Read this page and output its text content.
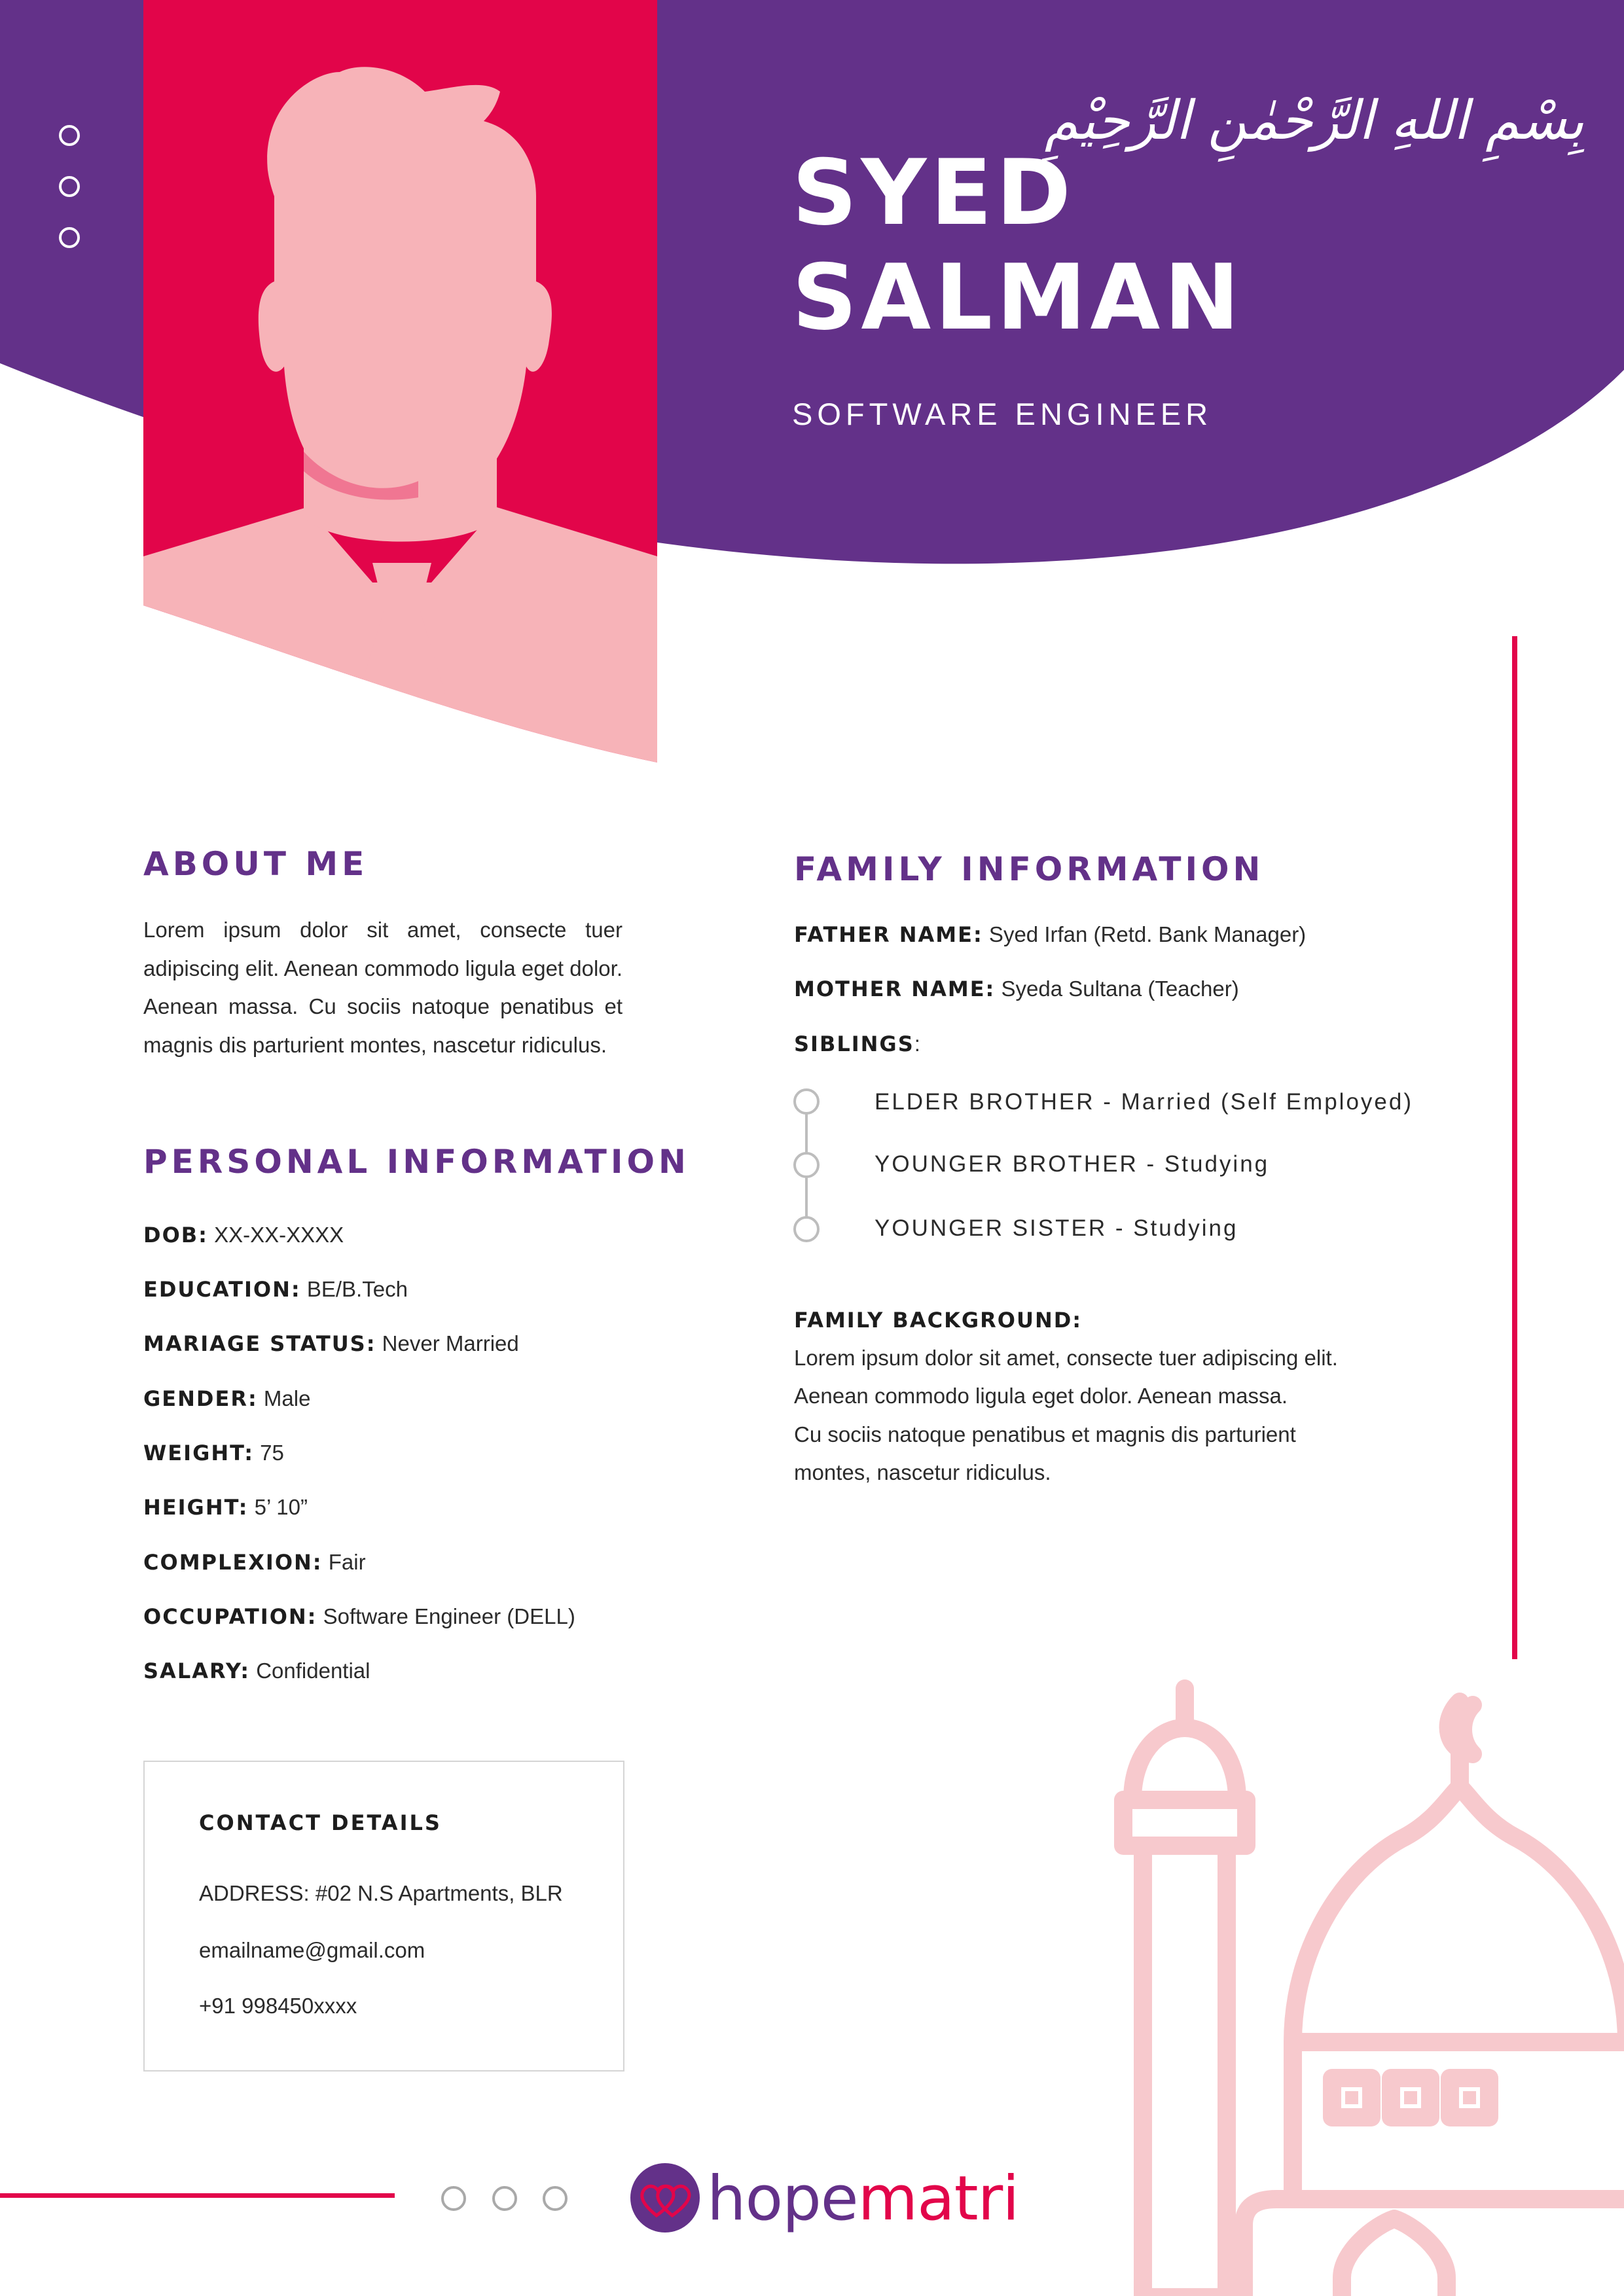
بِسْمِ اللهِ الرَّحْمٰنِ الرَّحِيْمِ
SYED
SALMAN
SOFTWARE ENGINEER
ABOUT ME

Lorem ipsum dolor sit amet, consecte tuer adipiscing elit. Aenean commodo ligula eget dolor. Aenean massa. Cu sociis natoque penatibus et magnis dis parturient montes, nascetur ridiculus.

PERSONAL INFORMATION

DOB: XX-XX-XXXX

EDUCATION: BE/B.Tech

MARIAGE STATUS: Never Married

GENDER: Male

WEIGHT: 75

HEIGHT: 5’ 10”

COMPLEXION: Fair

OCCUPATION: Software Engineer (DELL)

SALARY: Confidential

CONTACT DETAILS

ADDRESS: #02 N.S Apartments, BLR

emailname@gmail.com

+91 998450xxxx

FAMILY INFORMATION

FATHER NAME: Syed Irfan (Retd. Bank Manager)

MOTHER NAME: Syeda Sultana (Teacher)

SIBLINGS:

ELDER BROTHER - Married (Self Employed)

YOUNGER BROTHER - Studying

YOUNGER SISTER - Studying

FAMILY BACKGROUND:

Lorem ipsum dolor sit amet, consecte tuer adipiscing elit.

Aenean commodo ligula eget dolor. Aenean massa.

Cu sociis natoque penatibus et magnis dis parturient

montes, nascetur ridiculus.

hopematri
